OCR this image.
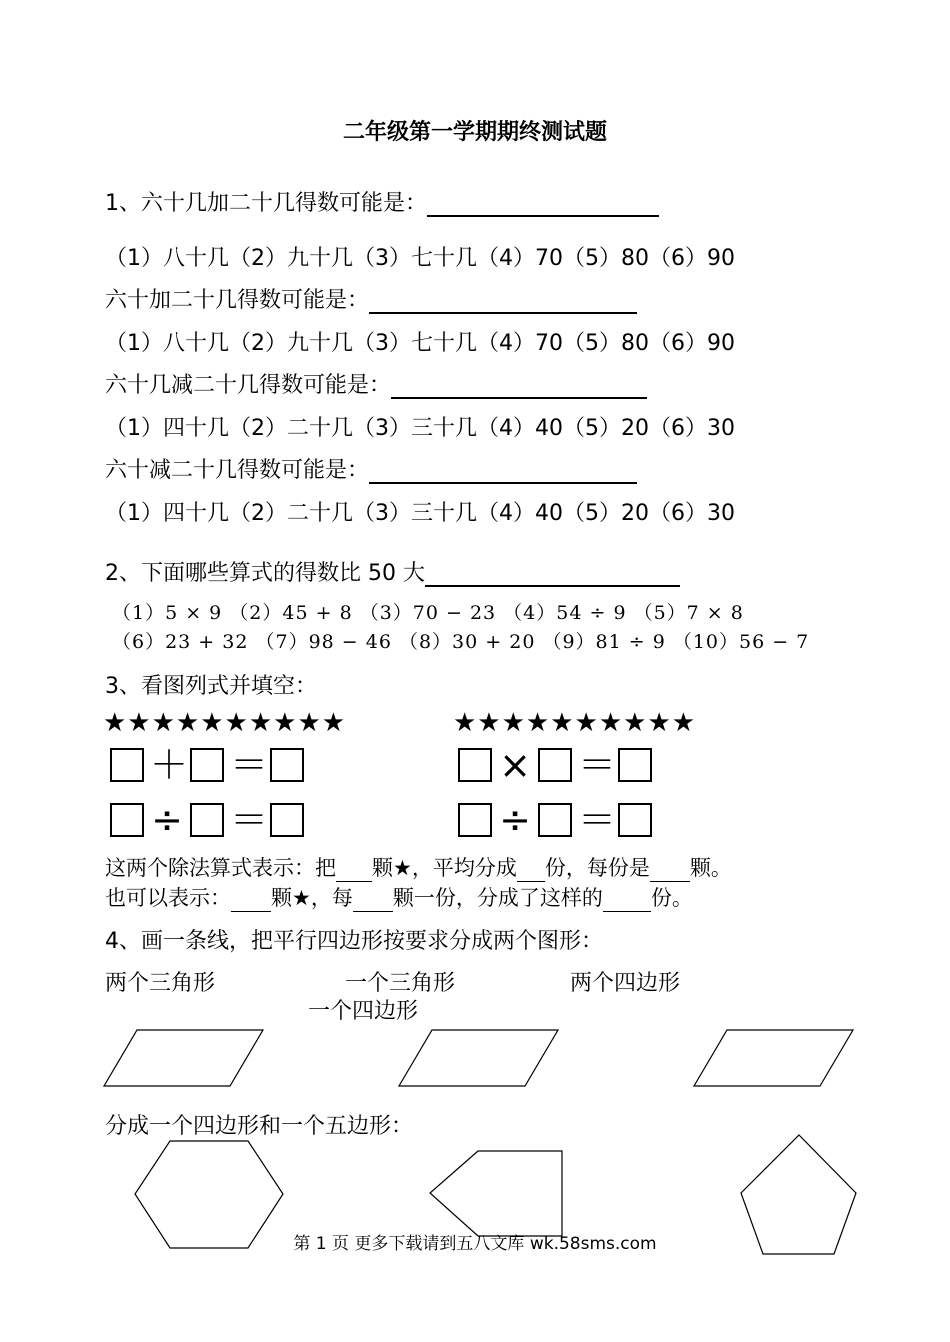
二年级第一学期期终测试题
1、六十几加二十几得数可能是：
（1）八十几（2）九十几（3）七十几（4）70（5）80（6）90
六十加二十几得数可能是：
（1）八十几（2）九十几（3）七十几（4）70（5）80（6）90
六十几减二十几得数可能是：
（1）四十几（2）二十几（3）三十几（4）40（5）20（6）30
六十减二十几得数可能是：
（1）四十几（2）二十几（3）三十几（4）40（5）20（6）30
2、下面哪些算式的得数比 50 大
（1）5 × 9 （2）45 + 8 （3）70 − 23 （4）54 ÷ 9 （5）7 × 8
（6）23 + 32 （7）98 − 46 （8）30 + 20 （9）81 ÷ 9 （10）56 − 7
3、看图列式并填空：
★★★★★★★★★★	★★★★★★★★★★
＋ ＝	× ＝
÷ ＝	÷ ＝
这两个除法算式表示：把 颗★，平均分成 份，每份是 颗。
也可以表示： 颗★，每 颗一份，分成了这样的 份。
4、画一条线，把平行四边形按要求分成两个图形：
两个三角形	一个三角形
一个四边形
两个四边形
分成一个四边形和一个五边形：
第 1 页 更多下载请到五八文库 wk.58sms.com
